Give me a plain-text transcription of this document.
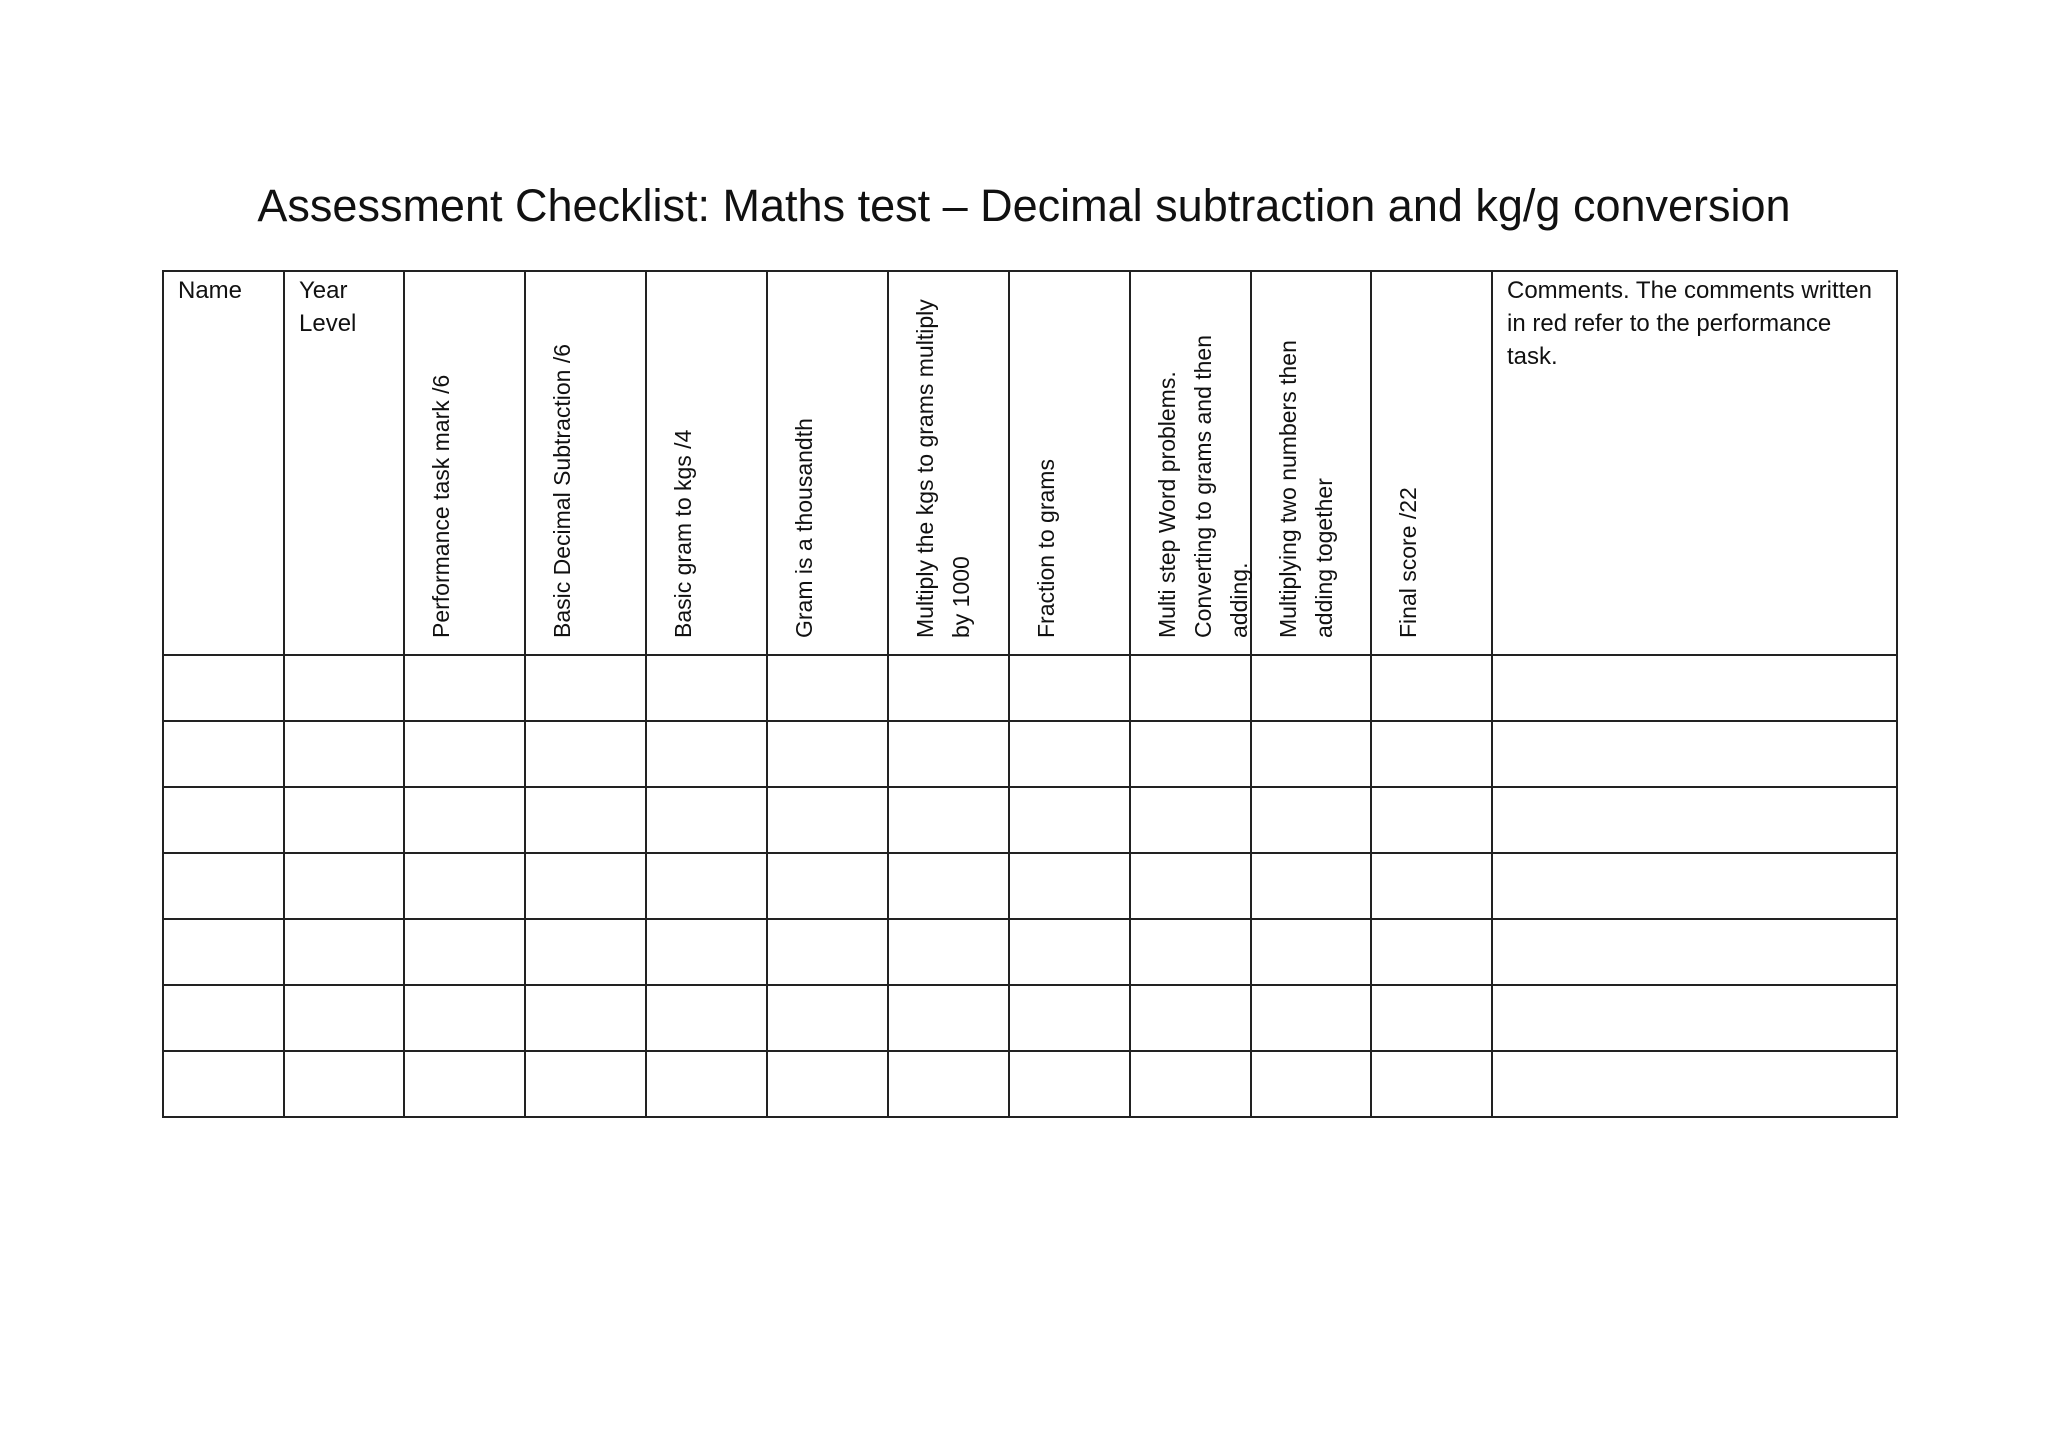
Assessment Checklist: Maths test – Decimal subtraction and kg/g conversion
Name	Year Level	Performance task mark /6	Basic Decimal Subtraction /6	Basic gram to kgs /4	Gram is a thousandth	Multiply the kgs to grams multiply by 1000	Fraction to grams	Multi step Word problems. Converting to grams and then adding.	Multiplying two numbers then adding together	Final score /22	Comments. The comments written in red refer to the performance task.
